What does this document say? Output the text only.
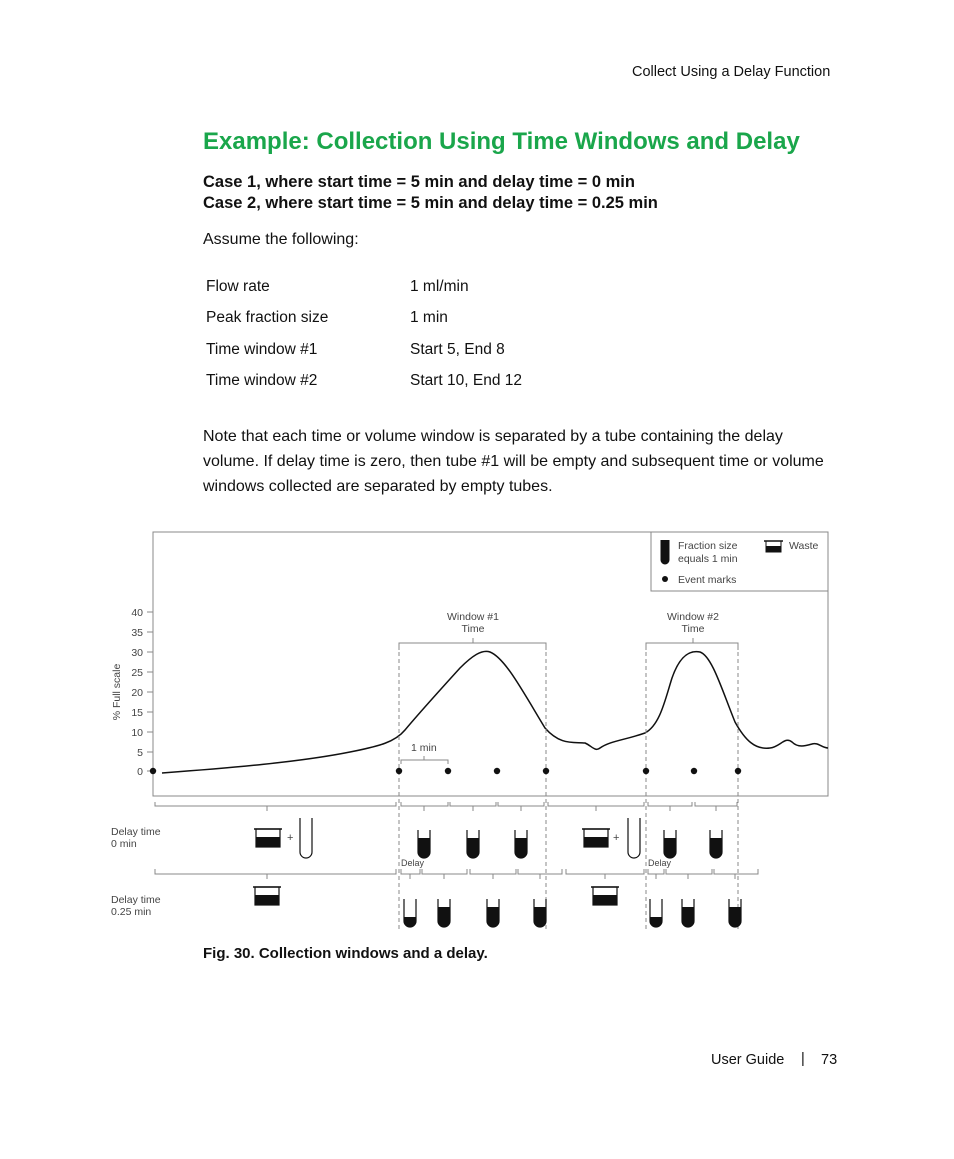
Collect Using a Delay Function
Example: Collection Using Time Windows and Delay
Case 1, where start time = 5 min and delay time = 0 min
Case 2, where start time = 5 min and delay time = 0.25 min
Assume the following:
Flow rate	1 ml/min
Peak fraction size	1 min
Time window #1	Start 5, End 8
Time window #2	Start 10, End 12
Note that each time or volume window is separated by a tube containing the delay volume. If delay time is zero, then tube #1 will be empty and subsequent time or volume windows collected are separated by empty tubes.
Fraction size
equals 1 min
Waste
Event marks
40
35
30
25
20
15
10
5
0
% Full scale
Window #1
Time
Window #2
Time
1 min
Delay time
0 min	+
Delay
+
Delay
Delay time
0.25 min
Fig. 30. Collection windows and a delay.
User Guide | 73
